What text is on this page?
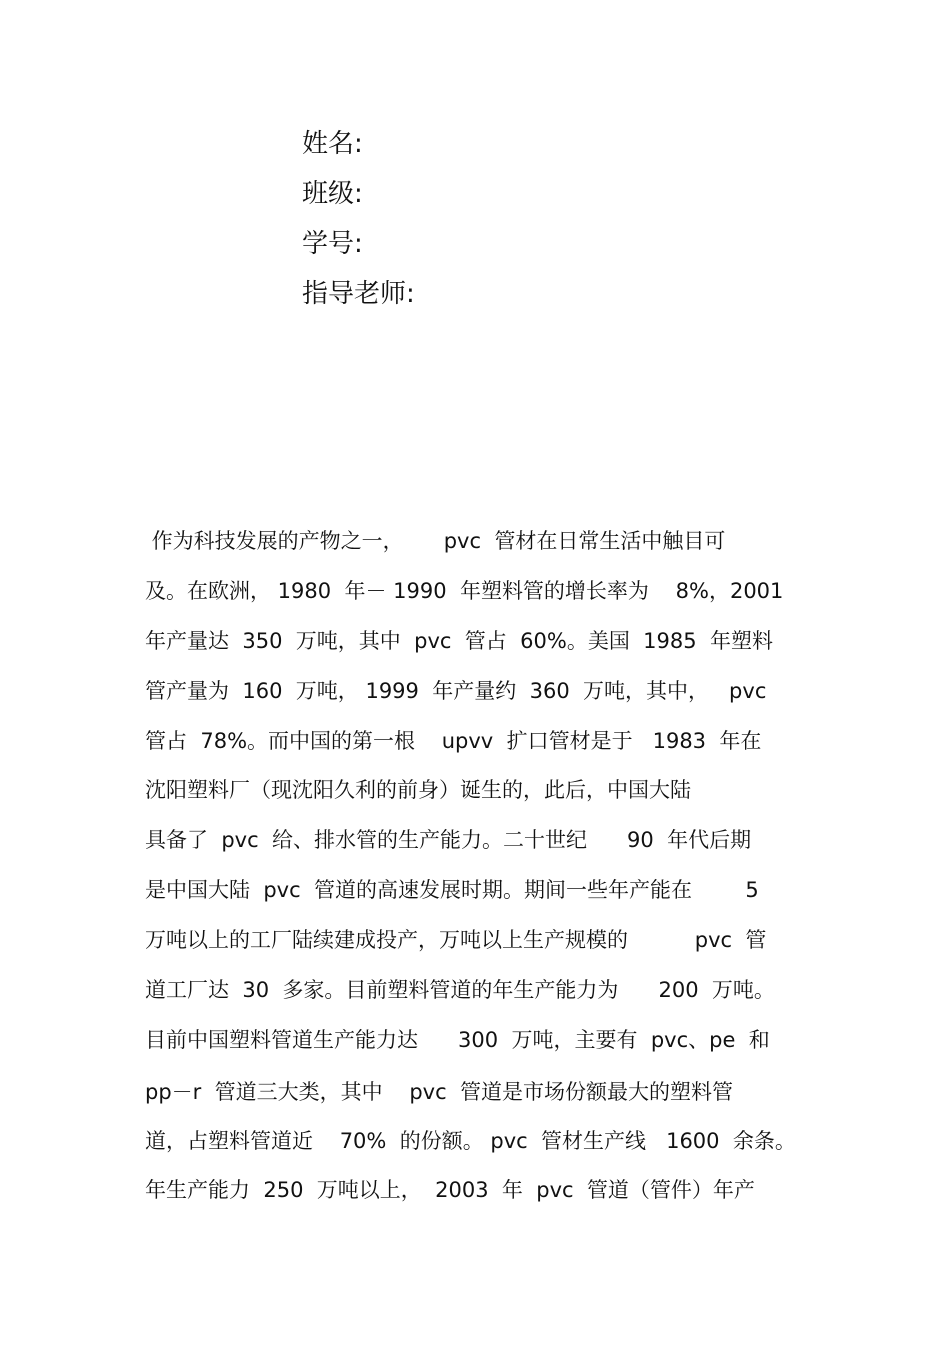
姓名:
班级:
学号:
指导老师:
作为科技发展的产物之一，      pvc  管材在日常生活中触目可
及。在欧洲， 1980  年－ 1990  年塑料管的增长率为    8%，2001
年产量达  350  万吨，其中  pvc  管占  60%。美国  1985  年塑料
管产量为  160  万吨， 1999  年产量约  360  万吨，其中，   pvc
管占  78%。而中国的第一根    upvv  扩口管材是于   1983  年在
沈阳塑料厂（现沈阳久利的前身）诞生的，此后，中国大陆
具备了  pvc  给、排水管的生产能力。二十世纪      90  年代后期
是中国大陆  pvc  管道的高速发展时期。期间一些年产能在        5
万吨以上的工厂陆续建成投产，万吨以上生产规模的          pvc  管
道工厂达  30  多家。目前塑料管道的年生产能力为      200  万吨。
目前中国塑料管道生产能力达      300  万吨，主要有  pvc、pe  和
pp－r  管道三大类，其中    pvc  管道是市场份额最大的塑料管
道，占塑料管道近    70%  的份额。 pvc  管材生产线   1600  余条。
年生产能力  250  万吨以上，  2003  年  pvc  管道（管件）年产
